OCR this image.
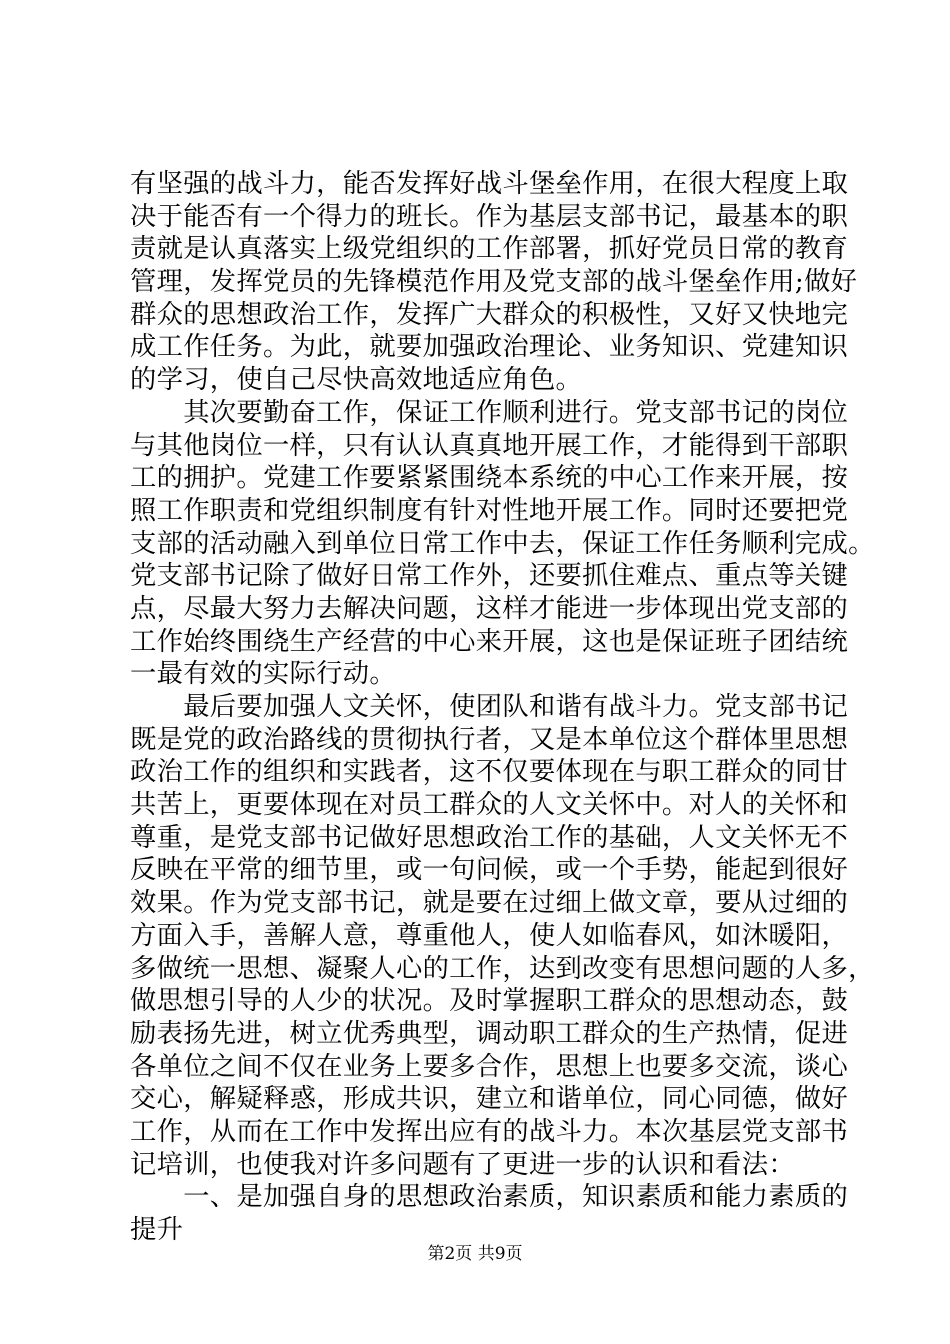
有坚强的战斗力，能否发挥好战斗堡垒作用，在很大程度上取
决于能否有一个得力的班长。作为基层支部书记，最基本的职
责就是认真落实上级党组织的工作部署，抓好党员日常的教育
管理，发挥党员的先锋模范作用及党支部的战斗堡垒作用;做好
群众的思想政治工作，发挥广大群众的积极性，又好又快地完
成工作任务。为此，就要加强政治理论、业务知识、党建知识
的学习，使自己尽快高效地适应角色。
　　其次要勤奋工作，保证工作顺利进行。党支部书记的岗位
与其他岗位一样，只有认认真真地开展工作，才能得到干部职
工的拥护。党建工作要紧紧围绕本系统的中心工作来开展，按
照工作职责和党组织制度有针对性地开展工作。同时还要把党
支部的活动融入到单位日常工作中去，保证工作任务顺利完成。
党支部书记除了做好日常工作外，还要抓住难点、重点等关键
点，尽最大努力去解决问题，这样才能进一步体现出党支部的
工作始终围绕生产经营的中心来开展，这也是保证班子团结统
一最有效的实际行动。
　　最后要加强人文关怀，使团队和谐有战斗力。党支部书记
既是党的政治路线的贯彻执行者，又是本单位这个群体里思想
政治工作的组织和实践者，这不仅要体现在与职工群众的同甘
共苦上，更要体现在对员工群众的人文关怀中。对人的关怀和
尊重，是党支部书记做好思想政治工作的基础，人文关怀无不
反映在平常的细节里，或一句问候，或一个手势，能起到很好
效果。作为党支部书记，就是要在过细上做文章，要从过细的
方面入手，善解人意，尊重他人，使人如临春风，如沐暖阳，
多做统一思想、凝聚人心的工作，达到改变有思想问题的人多，
做思想引导的人少的状况。及时掌握职工群众的思想动态，鼓
励表扬先进，树立优秀典型，调动职工群众的生产热情，促进
各单位之间不仅在业务上要多合作，思想上也要多交流，谈心
交心，解疑释惑，形成共识，建立和谐单位，同心同德，做好
工作，从而在工作中发挥出应有的战斗力。本次基层党支部书
记培训，也使我对许多问题有了更进一步的认识和看法：
　　一、是加强自身的思想政治素质，知识素质和能力素质的
提升
第2页 共9页
